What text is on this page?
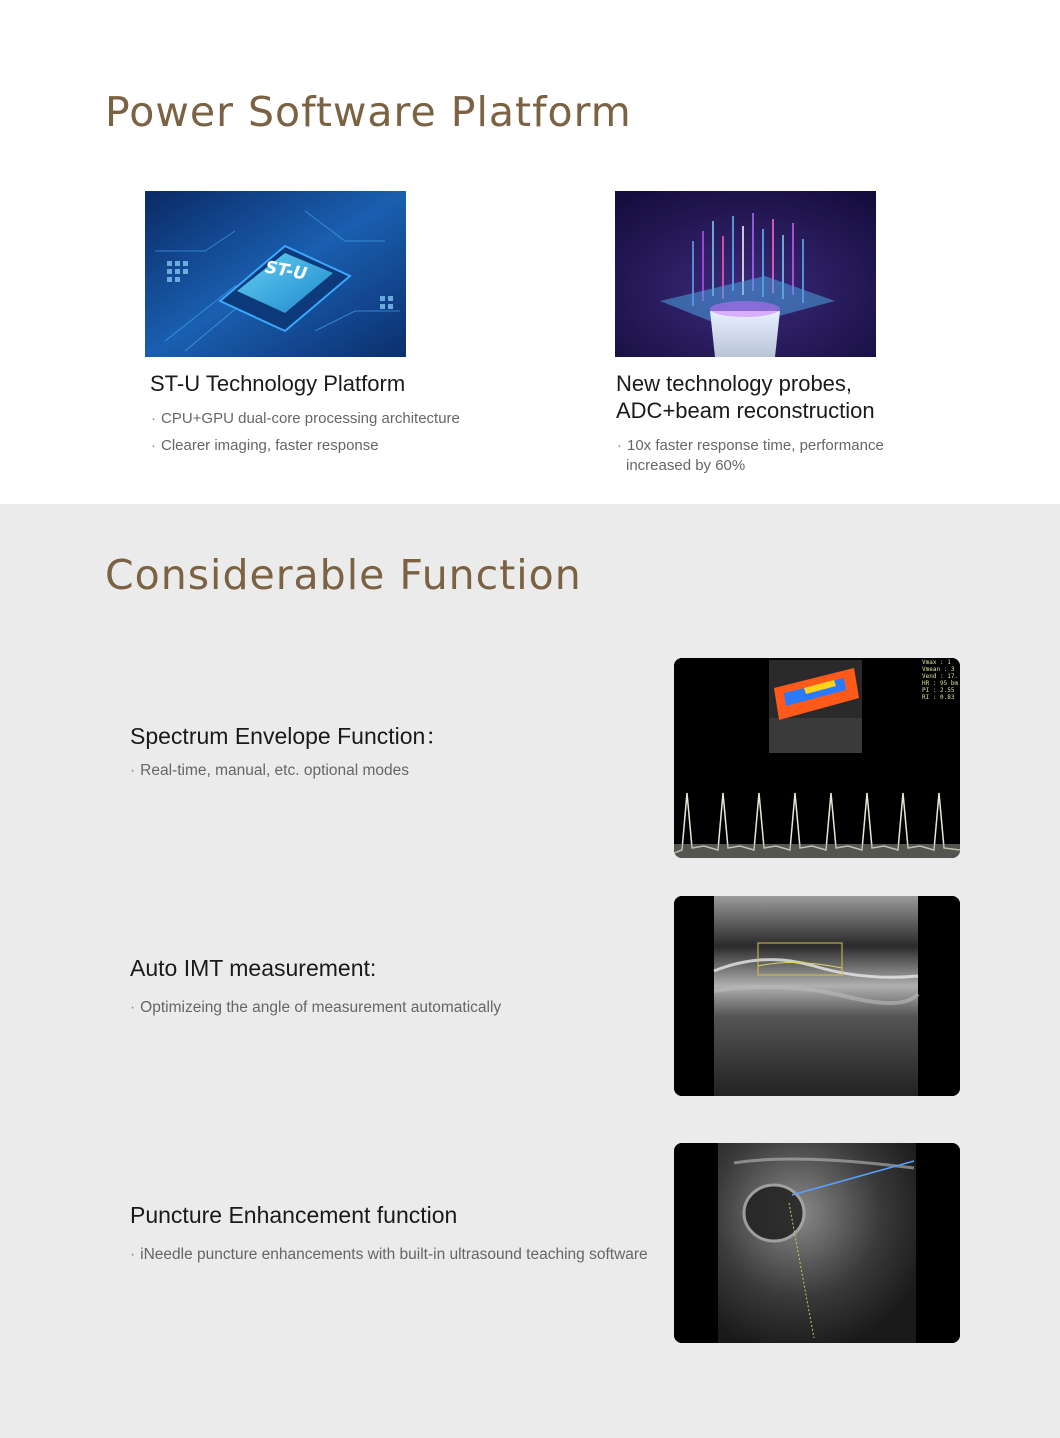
Power Software Platform
ST-U
ST-U Technology Platform

· CPU+GPU dual-core processing architecture

· Clearer imaging, faster response

New technology probes,
ADC+beam reconstruction

· 10x faster response time, performance

increased by 60%

Considerable Function
Spectrum Envelope Function：

· Real-time, manual, etc. optional modes

Vmax : 1
Vmean : 3
Vend : 17.
HR : 95 bm
PI : 2.55
RI : 0.83
Auto IMT measurement:

· Optimizeing the angle of measurement automatically

Puncture Enhancement function

· iNeedle puncture enhancements with built-in ultrasound teaching software
